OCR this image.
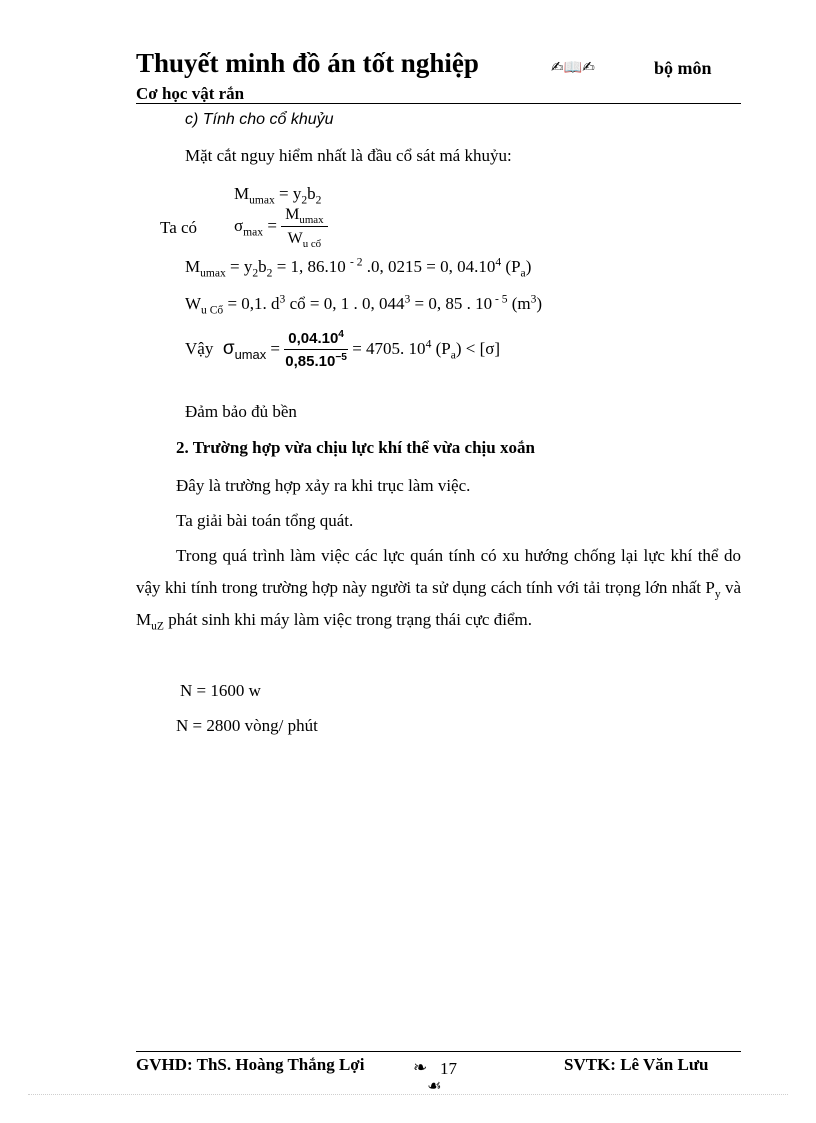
Thuyết minh đồ án tốt nghiệp	✍📖✍	bộ môn
Cơ học vật rắn
c) Tính cho cổ khuỷu
Mặt cắt nguy hiểm nhất là đầu cổ sát má khuỷu:
$M_{umax} = y_2b_2$
Ta có $\sigma_{max} = \frac{M_{umax}}{W_{u cổ}}$
$M_{umax} = y_2b_2 = 1$, 86.10 $^{- 2}$ .0, 0215 = 0, 04.10$^4$ $(P_a)$
$W_{u Cổ} = 0,1$. $d^3$ cổ = 0, 1 . 0, $044^3 = 0$, 85 . 10 $^{- 5}$ $(m^3)$
Vậy $\sigma_{umax} = \frac{0,04.10^4}{0,85.10^{-5}} = 4705$. $10^4$ $(P_a) < [\sigma]$
Đảm bảo đủ bền
2. Trường hợp vừa chịu lực khí thể vừa chịu xoắn
Đây là trường hợp xảy ra khi trục làm việc.
Ta giải bài toán tổng quát.
Trong quá trình làm việc các lực quán tính có xu hướng chống lại lực khí thể do vậy khi tính trong trường hợp này người ta sử dụng cách tính với tải trọng lớn nhất $P_y$ và $M_{uZ}$ phát sinh khi máy làm việc trong trạng thái cực điểm.
N = 1600 w
N = 2800 vòng/ phút
GVHD: ThS. Hoàng Thắng Lợi	❧ 17
☙
SVTK: Lê Văn Lưu
